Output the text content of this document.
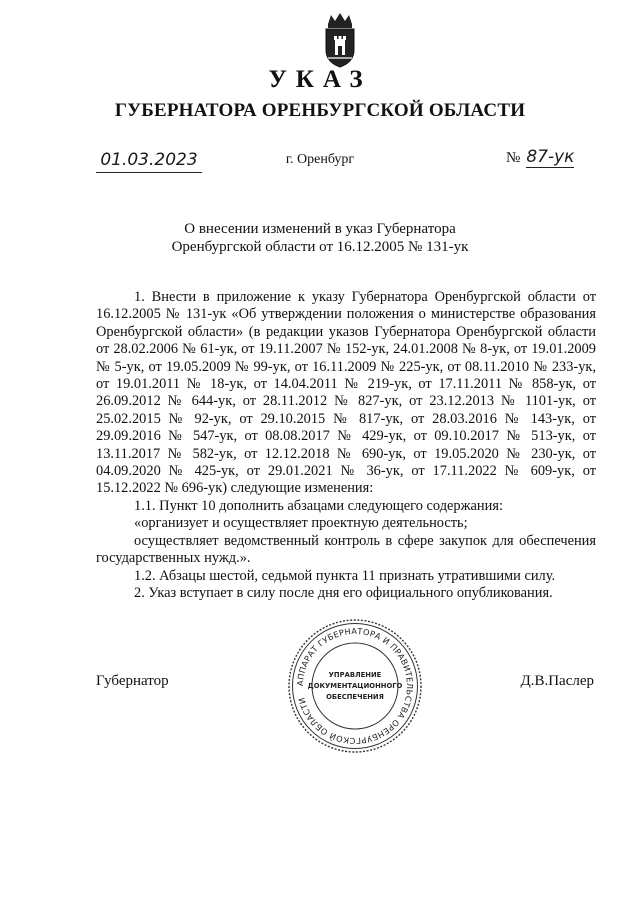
УКАЗ
ГУБЕРНАТОРА ОРЕНБУРГСКОЙ ОБЛАСТИ
01.03.2023	г. Оренбург	№ 87-ук
О внесении изменений в указ Губернатора
Оренбургской области от 16.12.2005 № 131-ук

1. Внести в приложение к указу Губернатора Оренбургской области от 16.12.2005 № 131-ук «Об утверждении положения о министерстве образования Оренбургской области» (в редакции указов Губернатора Оренбургской области от 28.02.2006 № 61-ук, от 19.11.2007 № 152-ук, 24.01.2008 № 8-ук, от 19.01.2009 № 5-ук, от 19.05.2009 № 99-ук, от 16.11.2009 № 225-ук, от 08.11.2010 № 233-ук, от 19.01.2011 № 18-ук, от 14.04.2011 № 219-ук, от 17.11.2011 № 858-ук, от 26.09.2012 № 644-ук, от 28.11.2012 № 827-ук, от 23.12.2013 № 1101-ук, от 25.02.2015 № 92-ук, от 29.10.2015 № 817-ук, от 28.03.2016 № 143-ук, от 29.09.2016 № 547-ук, от 08.08.2017 № 429-ук, от 09.10.2017 № 513-ук, от 13.11.2017 № 582-ук, от 12.12.2018 № 690-ук, от 19.05.2020 № 230-ук, от 04.09.2020 № 425-ук, от 29.01.2021 № 36-ук, от 17.11.2022 № 609-ук, от 15.12.2022 № 696-ук) следующие изменения:

1.1. Пункт 10 дополнить абзацами следующего содержания:

«организует и осуществляет проектную деятельность;

осуществляет ведомственный контроль в сфере закупок для обеспечения государственных нужд.».

1.2. Абзацы шестой, седьмой пункта 11 признать утратившими силу.

2. Указ вступает в силу после дня его официального опубликования.

Губернатор	Д.В.Паслер
АППАРАТ ГУБЕРНАТОРА И ПРАВИТЕЛЬСТВА ОРЕНБУРГСКОЙ ОБЛАСТИ
УПРАВЛЕНИЕ
ДОКУМЕНТАЦИОННОГО
ОБЕСПЕЧЕНИЯ
